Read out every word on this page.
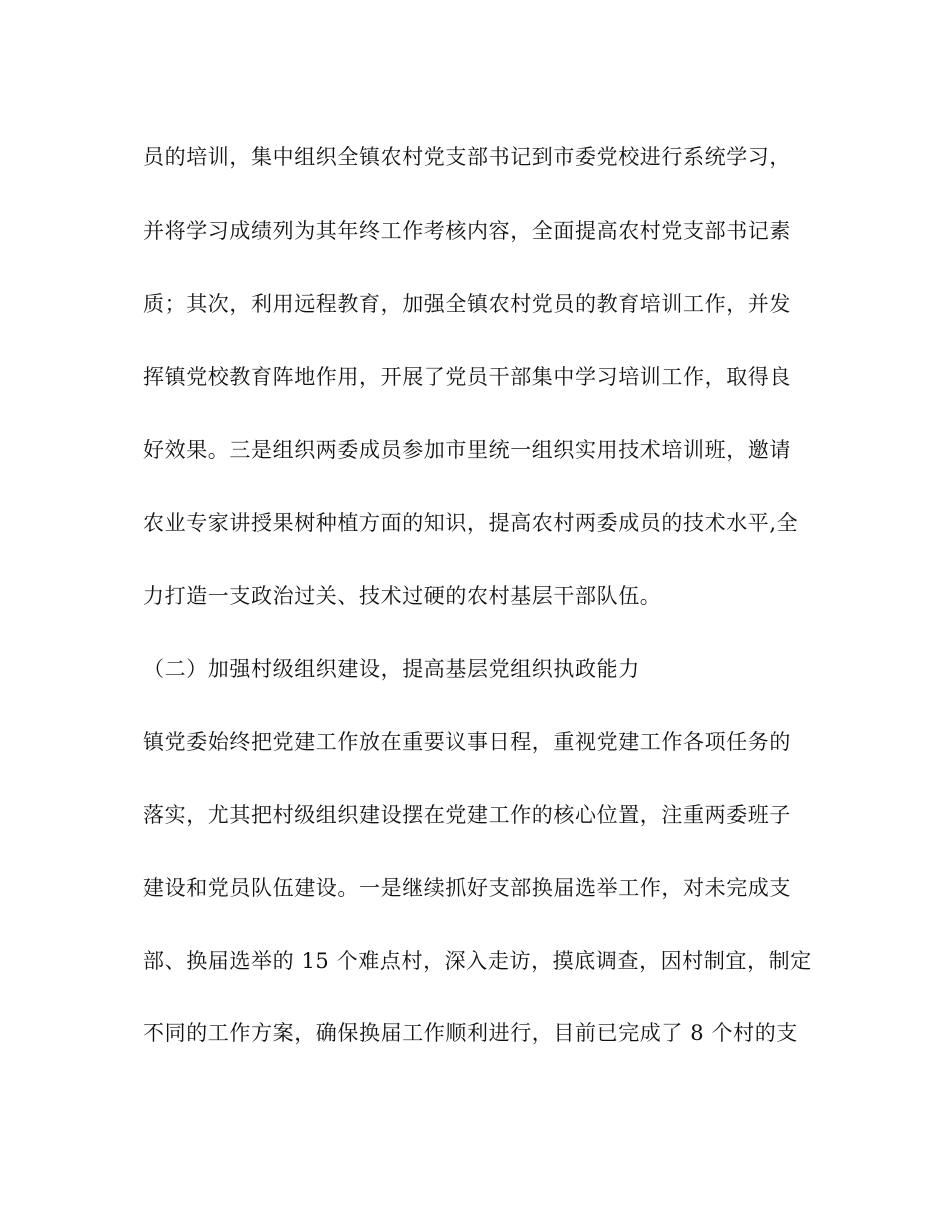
员的培训，集中组织全镇农村党支部书记到市委党校进行系统学习，
并将学习成绩列为其年终工作考核内容，全面提高农村党支部书记素
质；其次，利用远程教育，加强全镇农村党员的教育培训工作，并发
挥镇党校教育阵地作用，开展了党员干部集中学习培训工作，取得良
好效果。三是组织两委成员参加市里统一组织实用技术培训班，邀请
农业专家讲授果树种植方面的知识，提高农村两委成员的技术水平,全
力打造一支政治过关、技术过硬的农村基层干部队伍。
（二）加强村级组织建设，提高基层党组织执政能力
镇党委始终把党建工作放在重要议事日程，重视党建工作各项任务的
落实，尤其把村级组织建设摆在党建工作的核心位置，注重两委班子
建设和党员队伍建设。一是继续抓好支部换届选举工作，对未完成支
部、换届选举的 15 个难点村，深入走访，摸底调查，因村制宜，制定
不同的工作方案，确保换届工作顺利进行，目前已完成了 8 个村的支
